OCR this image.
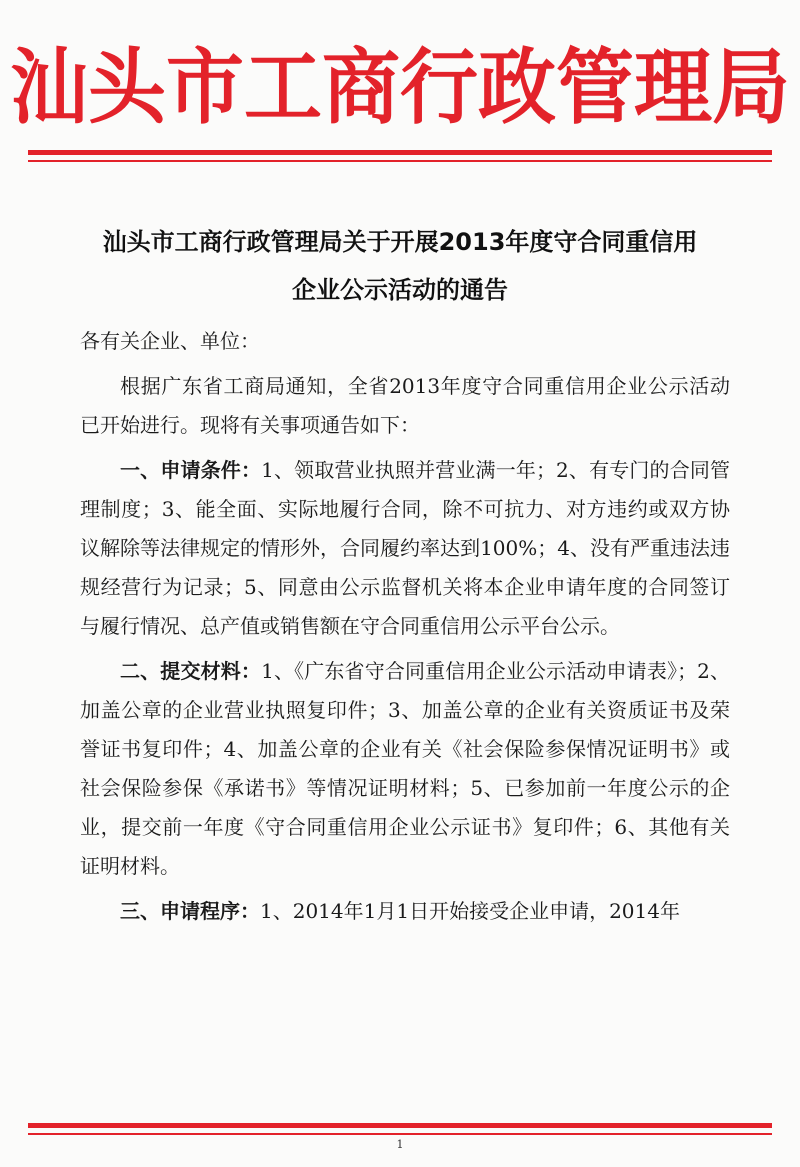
汕头市工商行政管理局
汕头市工商行政管理局关于开展2013年度守合同重信用
企业公示活动的通告

各有关企业、单位：

根据广东省工商局通知，全省2013年度守合同重信用企业公示活动已开始进行。现将有关事项通告如下：

一、申请条件：1、领取营业执照并营业满一年；2、有专门的合同管理制度；3、能全面、实际地履行合同，除不可抗力、对方违约或双方协议解除等法律规定的情形外，合同履约率达到100%；4、没有严重违法违规经营行为记录；5、同意由公示监督机关将本企业申请年度的合同签订与履行情况、总产值或销售额在守合同重信用公示平台公示。

二、提交材料：1、《广东省守合同重信用企业公示活动申请表》；2、加盖公章的企业营业执照复印件；3、加盖公章的企业有关资质证书及荣誉证书复印件；4、加盖公章的企业有关《社会保险参保情况证明书》或社会保险参保《承诺书》等情况证明材料；5、已参加前一年度公示的企业，提交前一年度《守合同重信用企业公示证书》复印件；6、其他有关证明材料。

三、申请程序：1、2014年1月1日开始接受企业申请，2014年

1
